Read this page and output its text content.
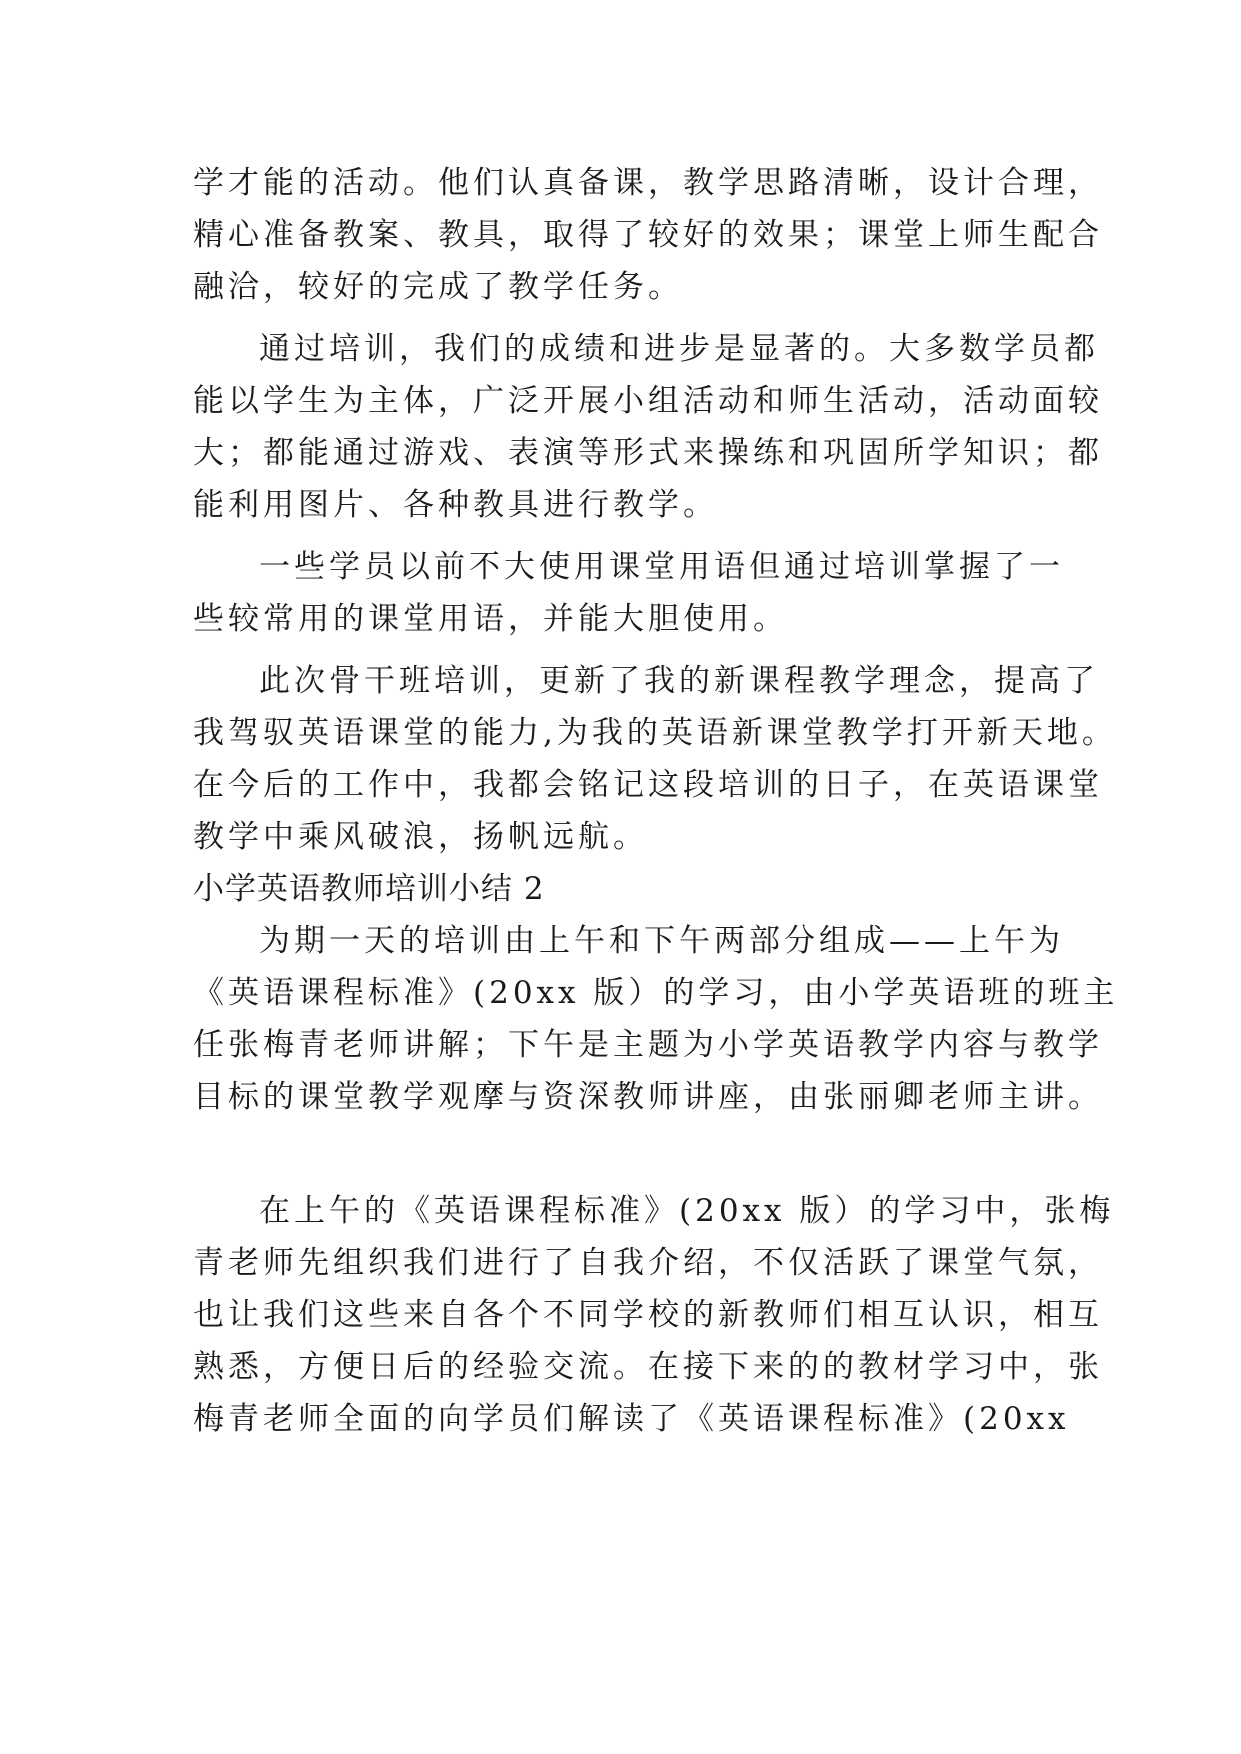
学才能的活动。他们认真备课，教学思路清晰，设计合理，
精心准备教案、教具，取得了较好的效果；课堂上师生配合
融洽，较好的完成了教学任务。
通过培训，我们的成绩和进步是显著的。大多数学员都
能以学生为主体，广泛开展小组活动和师生活动，活动面较
大；都能通过游戏、表演等形式来操练和巩固所学知识；都
能利用图片、各种教具进行教学。
一些学员以前不大使用课堂用语但通过培训掌握了一
些较常用的课堂用语，并能大胆使用。
此次骨干班培训，更新了我的新课程教学理念，提高了
我驾驭英语课堂的能力,为我的英语新课堂教学打开新天地。
在今后的工作中，我都会铭记这段培训的日子，在英语课堂
教学中乘风破浪，扬帆远航。
小学英语教师培训小结 2
为期一天的培训由上午和下午两部分组成——上午为
《英语课程标准》(20xx 版）的学习，由小学英语班的班主
任张梅青老师讲解；下午是主题为小学英语教学内容与教学
目标的课堂教学观摩与资深教师讲座，由张丽卿老师主讲。
在上午的《英语课程标准》(20xx 版）的学习中，张梅
青老师先组织我们进行了自我介绍，不仅活跃了课堂气氛，
也让我们这些来自各个不同学校的新教师们相互认识，相互
熟悉，方便日后的经验交流。在接下来的的教材学习中，张
梅青老师全面的向学员们解读了《英语课程标准》(20xx
